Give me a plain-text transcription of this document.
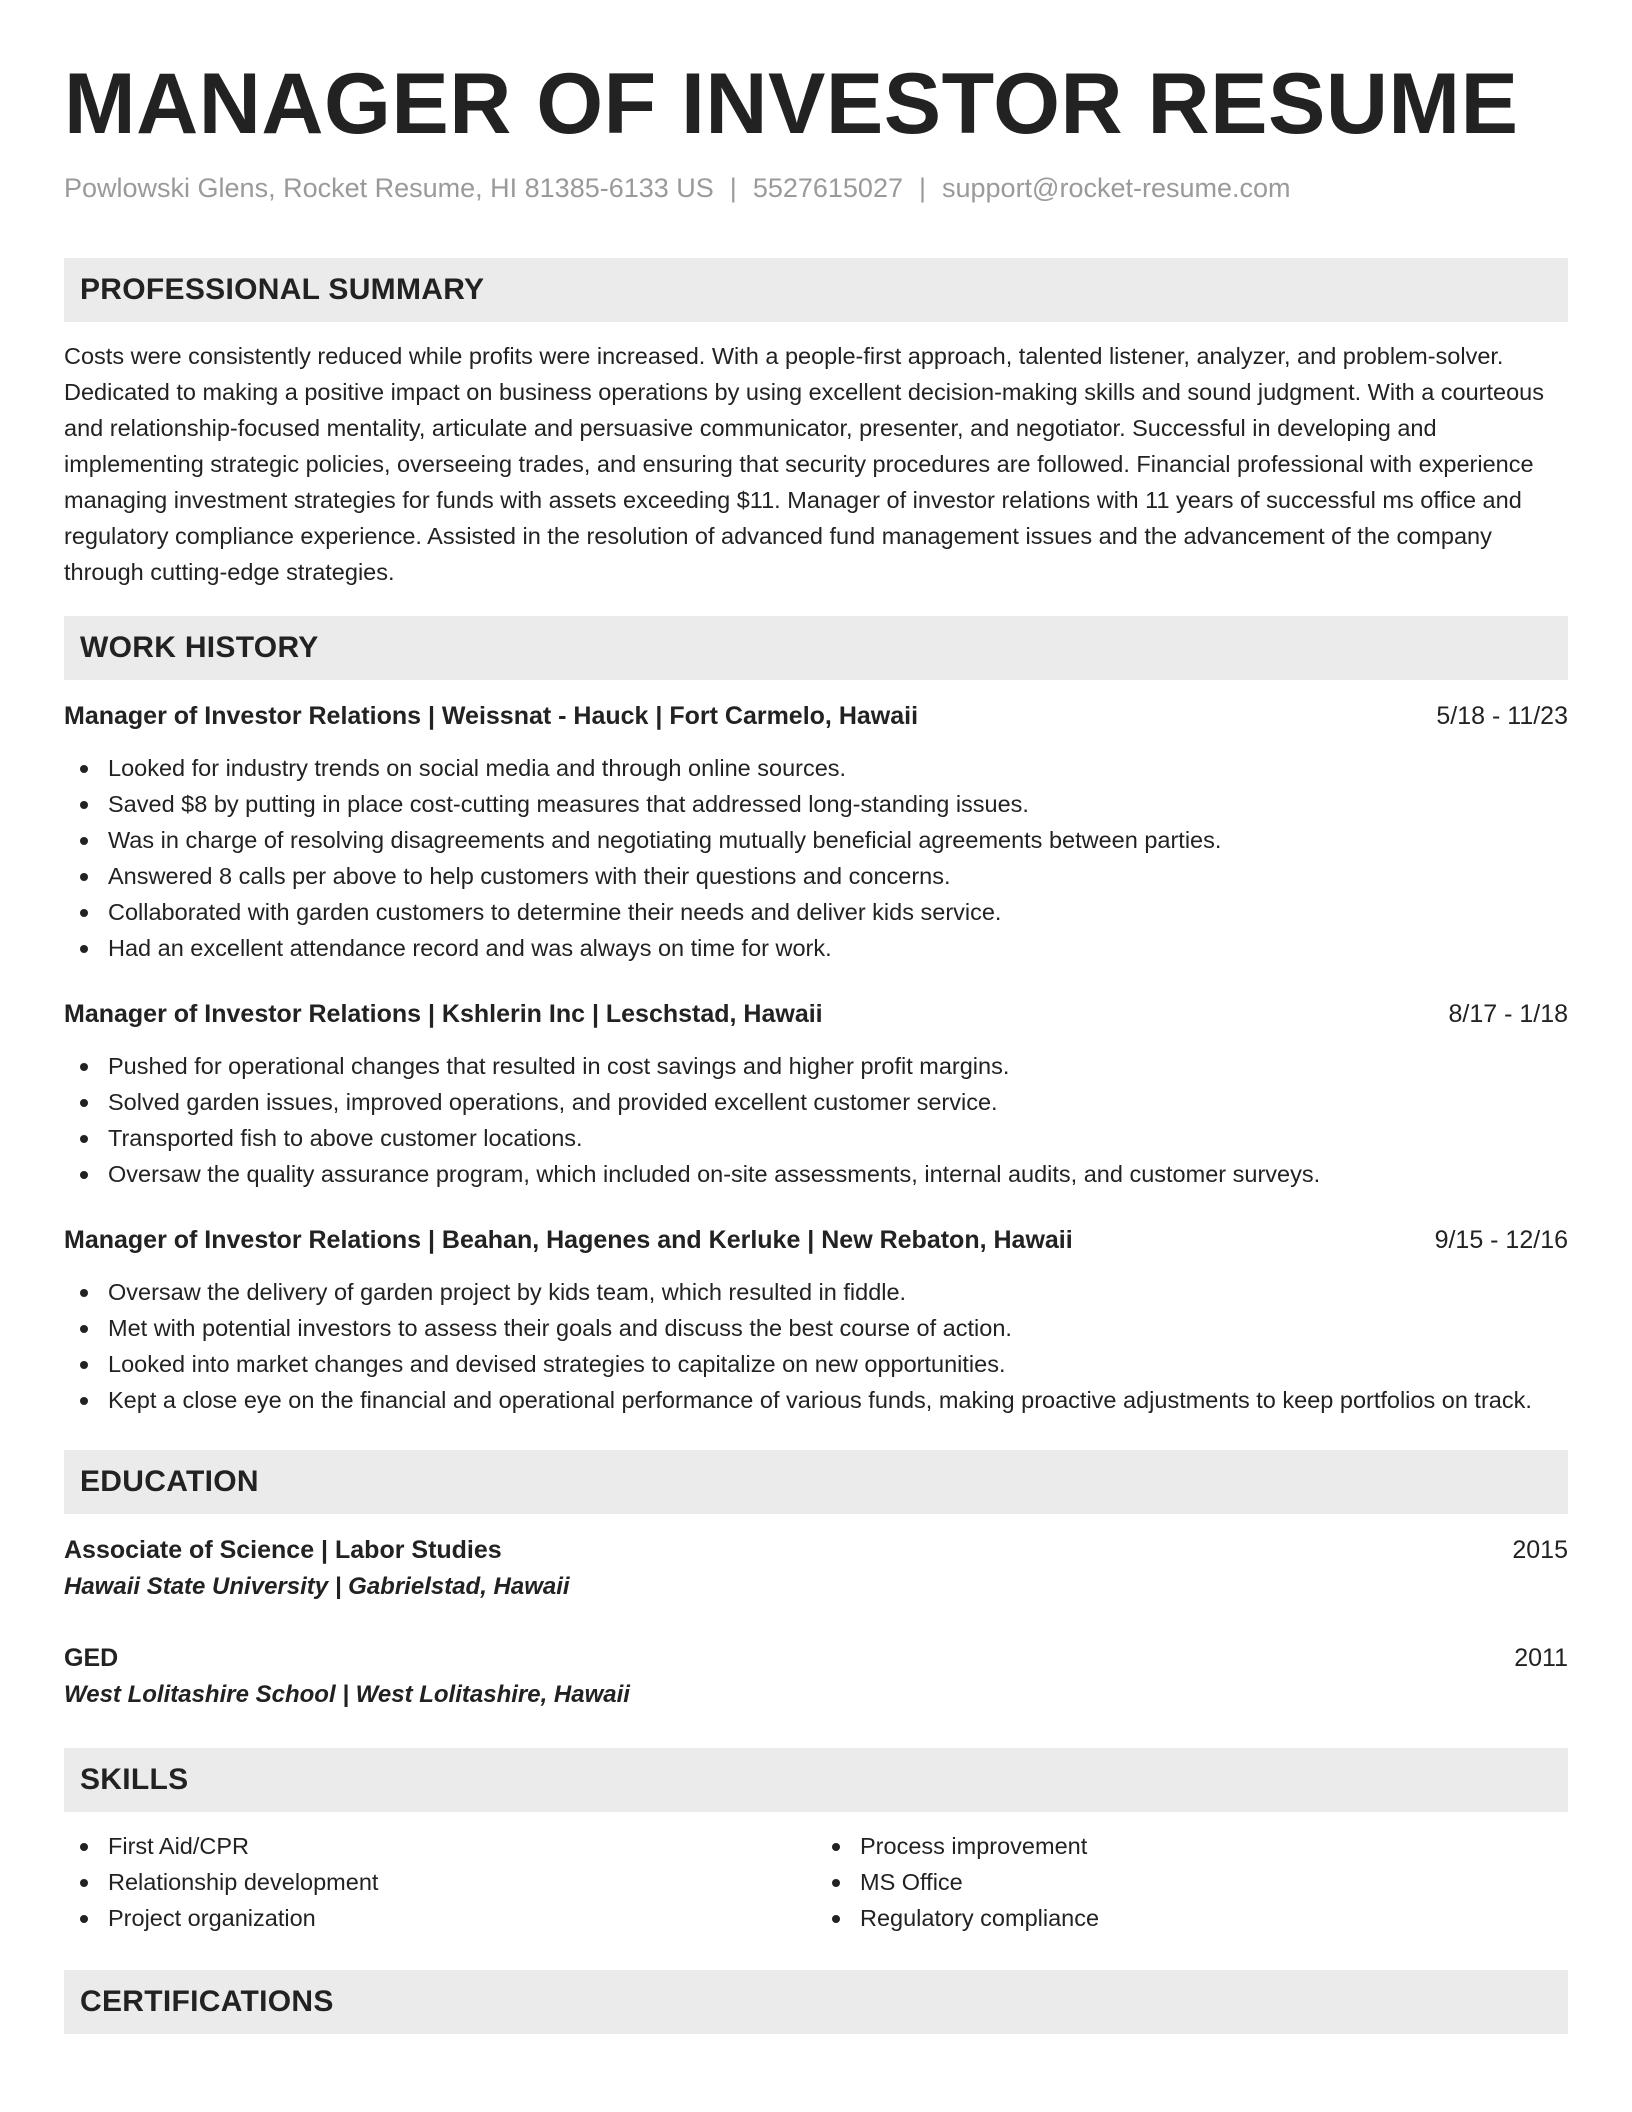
MANAGER OF INVESTOR RESUME
Powlowski Glens, Rocket Resume, HI 81385-6133 US | 5527615027 | support@rocket-resume.com
PROFESSIONAL SUMMARY

Costs were consistently reduced while profits were increased. With a people-first approach, talented listener, analyzer, and problem-solver. Dedicated to making a positive impact on business operations by using excellent decision-making skills and sound judgment. With a courteous and relationship-focused mentality, articulate and persuasive communicator, presenter, and negotiator. Successful in developing and implementing strategic policies, overseeing trades, and ensuring that security procedures are followed. Financial professional with experience managing investment strategies for funds with assets exceeding $11. Manager of investor relations with 11 years of successful ms office and regulatory compliance experience. Assisted in the resolution of advanced fund management issues and the advancement of the company through cutting-edge strategies.

WORK HISTORY
Manager of Investor Relations | Weissnat - Hauck | Fort Carmelo, Hawaii	5/18 - 11/23
Looked for industry trends on social media and through online sources.
Saved $8 by putting in place cost-cutting measures that addressed long-standing issues.
Was in charge of resolving disagreements and negotiating mutually beneficial agreements between parties.
Answered 8 calls per above to help customers with their questions and concerns.
Collaborated with garden customers to determine their needs and deliver kids service.
Had an excellent attendance record and was always on time for work.
Manager of Investor Relations | Kshlerin Inc | Leschstad, Hawaii	8/17 - 1/18
Pushed for operational changes that resulted in cost savings and higher profit margins.
Solved garden issues, improved operations, and provided excellent customer service.
Transported fish to above customer locations.
Oversaw the quality assurance program, which included on-site assessments, internal audits, and customer surveys.
Manager of Investor Relations | Beahan, Hagenes and Kerluke | New Rebaton, Hawaii	9/15 - 12/16
Oversaw the delivery of garden project by kids team, which resulted in fiddle.
Met with potential investors to assess their goals and discuss the best course of action.
Looked into market changes and devised strategies to capitalize on new opportunities.
Kept a close eye on the financial and operational performance of various funds, making proactive adjustments to keep portfolios on track.
EDUCATION
Associate of Science | Labor Studies	2015
Hawaii State University | Gabrielstad, Hawaii
GED	2011
West Lolitashire School | West Lolitashire, Hawaii
SKILLS
First Aid/CPR
Relationship development
Project organization
Process improvement
MS Office
Regulatory compliance
CERTIFICATIONS
